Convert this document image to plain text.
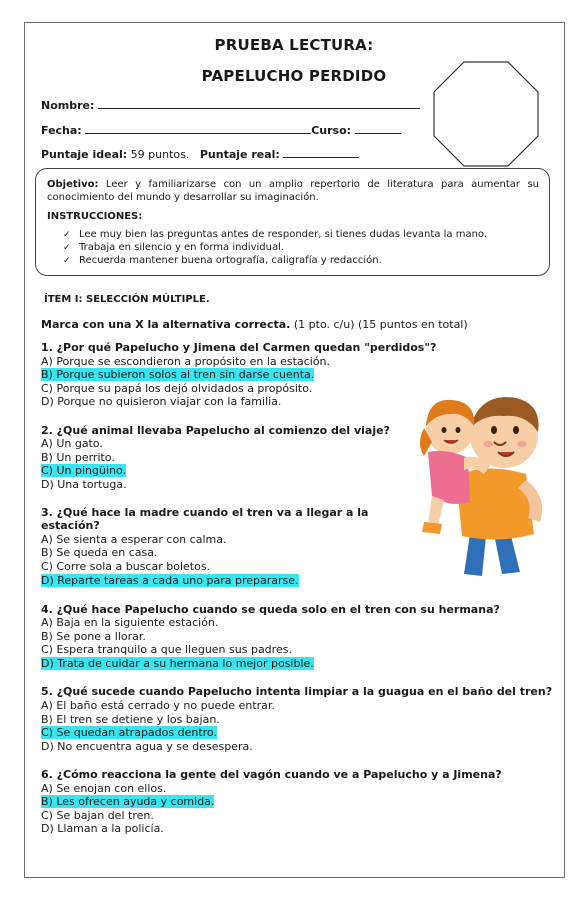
PRUEBA LECTURA:
PAPELUCHO PERDIDO
Nombre:
Fecha:	Curso:
Puntaje ideal: 59 puntos. Puntaje real:
Objetivo: Leer y familiarizarse con un amplio repertorio de literatura para aumentar su conocimiento del mundo y desarrollar su imaginación.
INSTRUCCIONES:
✓ Lee muy bien las preguntas antes de responder, si tienes dudas levanta la mano.
✓ Trabaja en silencio y en forma individual.
✓ Recuerda mantener buena ortografía, caligrafía y redacción.
ÍTEM I: SELECCIÓN MÚLTIPLE.
Marca con una X la alternativa correcta. (1 pto. c/u) (15 puntos en total)
1. ¿Por qué Papelucho y Jimena del Carmen quedan "perdidos"?
A) Porque se escondieron a propósito en la estación.
B) Porque subieron solos al tren sin darse cuenta.
C) Porque su papá los dejó olvidados a propósito.
D) Porque no quisieron viajar con la familia.
2. ¿Qué animal llevaba Papelucho al comienzo del viaje?
A) Un gato.
B) Un perrito.
C) Un pingüino.
D) Una tortuga.
3. ¿Qué hace la madre cuando el tren va a llegar a la
estación?
A) Se sienta a esperar con calma.
B) Se queda en casa.
C) Corre sola a buscar boletos.
D) Reparte tareas a cada uno para prepararse.
4. ¿Qué hace Papelucho cuando se queda solo en el tren con su hermana?
A) Baja en la siguiente estación.
B) Se pone a llorar.
C) Espera tranquilo a que lleguen sus padres.
D) Trata de cuidar a su hermana lo mejor posible.
5. ¿Qué sucede cuando Papelucho intenta limpiar a la guagua en el baño del tren?
A) El baño está cerrado y no puede entrar.
B) El tren se detiene y los bajan.
C) Se quedan atrapados dentro.
D) No encuentra agua y se desespera.
6. ¿Cómo reacciona la gente del vagón cuando ve a Papelucho y a Jimena?
A) Se enojan con ellos.
B) Les ofrecen ayuda y comida.
C) Se bajan del tren.
D) Llaman a la policía.
